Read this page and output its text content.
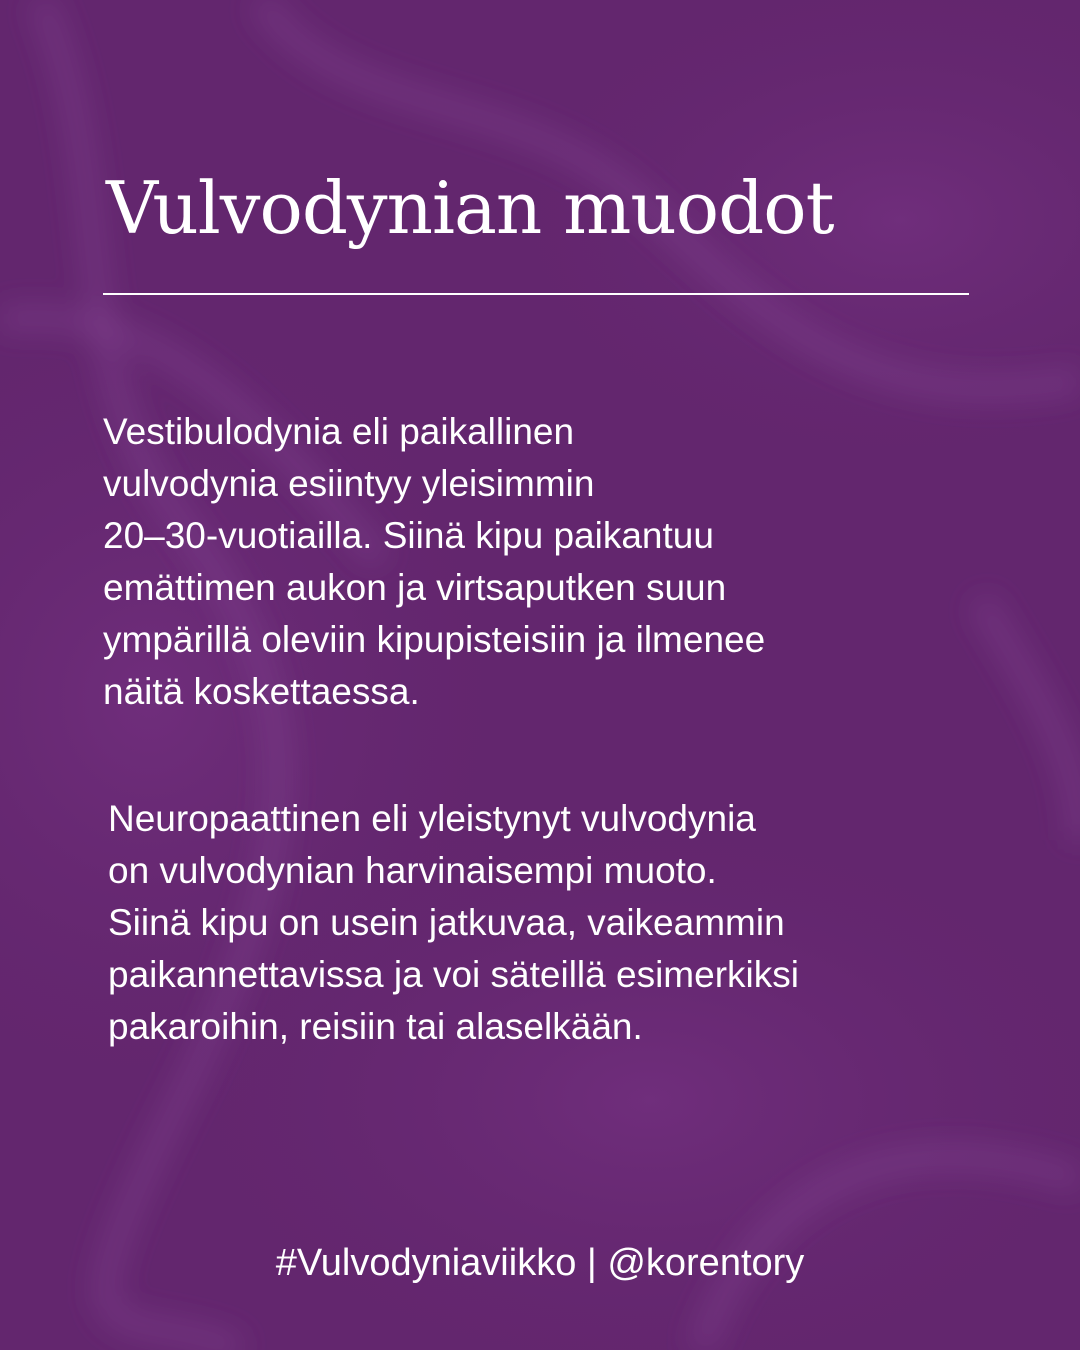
Vulvodynian muodot

Vestibulodynia eli paikallinen
vulvodynia esiintyy yleisimmin
20–30-vuotiailla. Siinä kipu paikantuu
emättimen aukon ja virtsaputken suun
ympärillä oleviin kipupisteisiin ja ilmenee
näitä koskettaessa.

Neuropaattinen eli yleistynyt vulvodynia
on vulvodynian harvinaisempi muoto.
Siinä kipu on usein jatkuvaa, vaikeammin
paikannettavissa ja voi säteillä esimerkiksi
pakaroihin, reisiin tai alaselkään.

#Vulvodyniaviikko | @korentory
